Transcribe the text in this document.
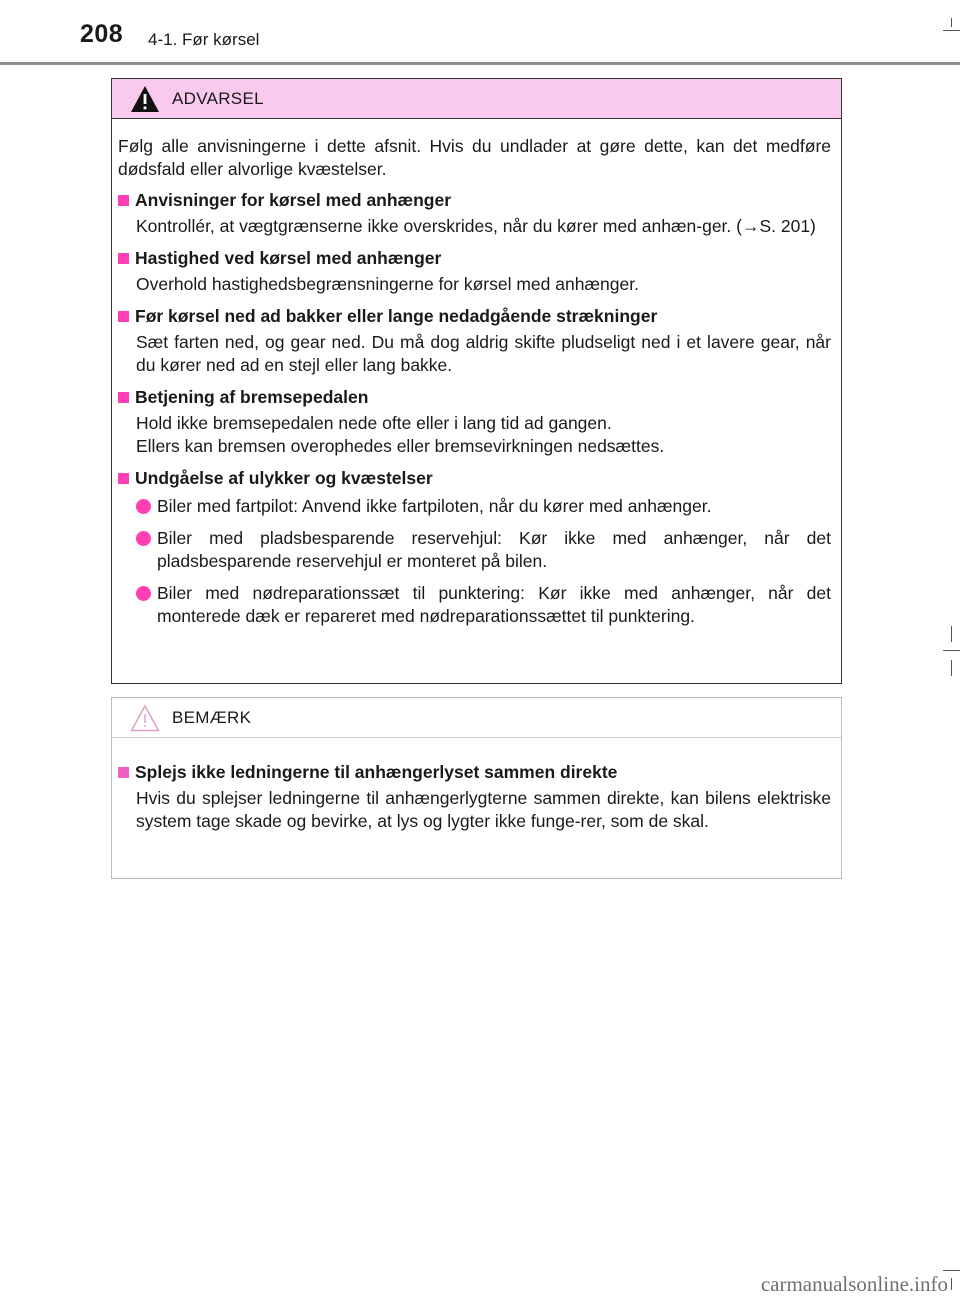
208 4-1. Før kørsel
ADVARSEL

Følg alle anvisningerne i dette afsnit. Hvis du undlader at gøre dette, kan det medføre dødsfald eller alvorlige kvæstelser.

Anvisninger for kørsel med anhænger
Kontrollér, at vægtgrænserne ikke overskrides, når du kører med anhæn-ger. (→S. 201)
Hastighed ved kørsel med anhænger
Overhold hastighedsbegrænsningerne for kørsel med anhænger.
Før kørsel ned ad bakker eller lange nedadgående strækninger
Sæt farten ned, og gear ned. Du må dog aldrig skifte pludseligt ned i et lavere gear, når du kører ned ad en stejl eller lang bakke.
Betjening af bremsepedalen
Hold ikke bremsepedalen nede ofte eller i lang tid ad gangen.
Ellers kan bremsen overophedes eller bremsevirkningen nedsættes.
Undgåelse af ulykker og kvæstelser
Biler med fartpilot: Anvend ikke fartpiloten, når du kører med anhænger.
Biler med pladsbesparende reservehjul: Kør ikke med anhænger, når det pladsbesparende reservehjul er monteret på bilen.
Biler med nødreparationssæt til punktering: Kør ikke med anhænger, når det monterede dæk er repareret med nødreparationssættet til punktering.
BEMÆRK
Splejs ikke ledningerne til anhængerlyset sammen direkte
Hvis du splejser ledningerne til anhængerlygterne sammen direkte, kan bilens elektriske system tage skade og bevirke, at lys og lygter ikke funge-rer, som de skal.
carmanualsonline.info
